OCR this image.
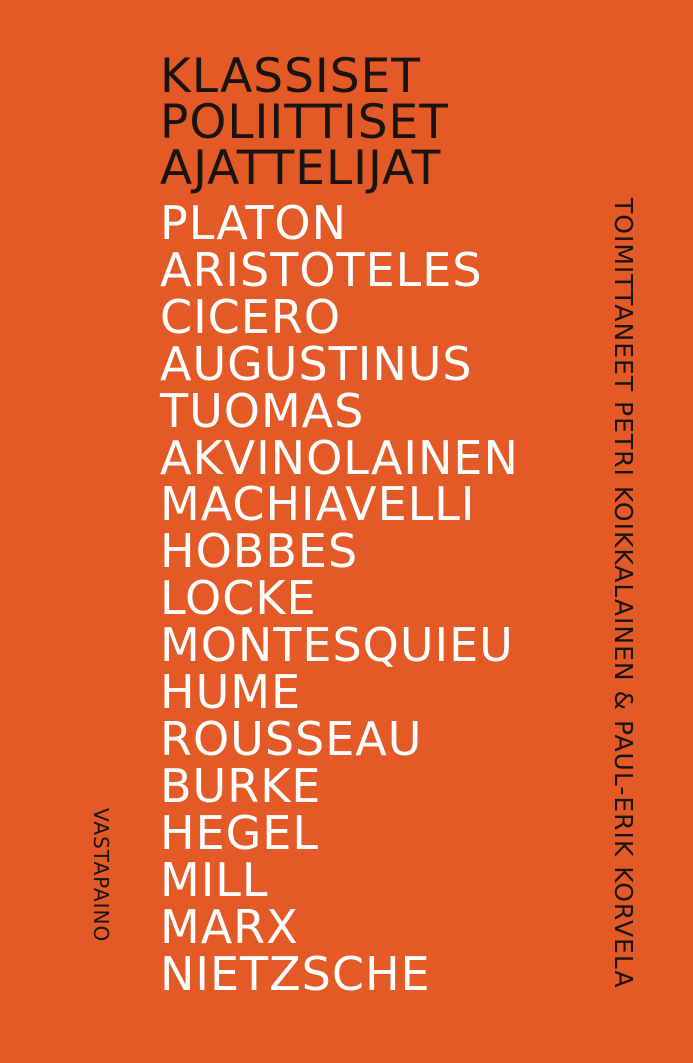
KLASSISET
POLIITTISET
AJATTELIJAT
PLATON
ARISTOTELES
CICERO
AUGUSTINUS
TUOMAS
AKVINOLAINEN
MACHIAVELLI
HOBBES
LOCKE
MONTESQUIEU
HUME
ROUSSEAU
BURKE
HEGEL
MILL
MARX
NIETZSCHE	TOIMITTANEET PETRI KOIKKALAINEN & PAUL-ERIK KORVELA
VASTAPAINO
